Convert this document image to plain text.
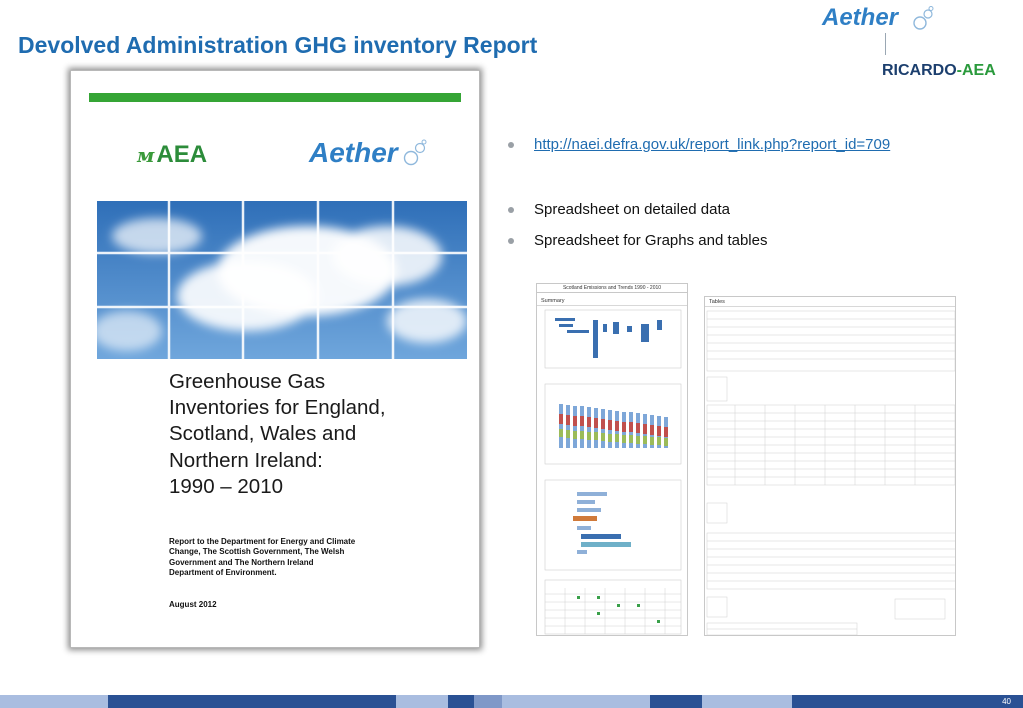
Devolved Administration GHG inventory Report
Aether
RICARDO-AEA
ᴍAEA	Aether
Greenhouse Gas
Inventories for England,
Scotland, Wales and
Northern Ireland:
1990 – 2010
Report to the Department for Energy and Climate Change, The Scottish Government, The Welsh Government and The Northern Ireland Department of Environment.
August 2012
http://naei.defra.gov.uk/report_link.php?report_id=709
Spreadsheet on detailed data
Spreadsheet for Graphs and tables
Summary
Scotland Emissions and Trends 1990 - 2010
Tables
40
